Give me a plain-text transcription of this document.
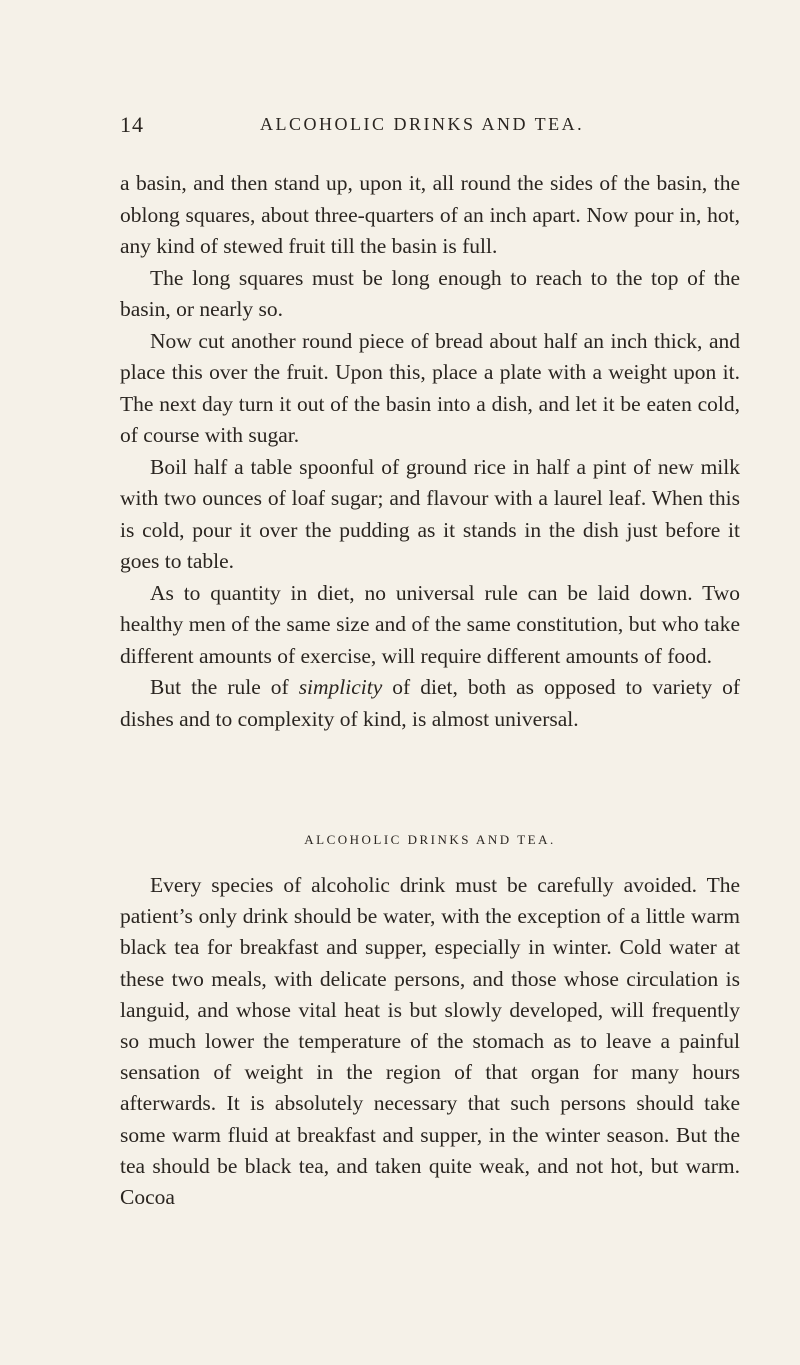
14	ALCOHOLIC DRINKS AND TEA.

a basin, and then stand up, upon it, all round the sides of the basin, the oblong squares, about three-quarters of an inch apart. Now pour in, hot, any kind of stewed fruit till the basin is full.

The long squares must be long enough to reach to the top of the basin, or nearly so.

Now cut another round piece of bread about half an inch thick, and place this over the fruit. Upon this, place a plate with a weight upon it. The next day turn it out of the basin into a dish, and let it be eaten cold, of course with sugar.

Boil half a table spoonful of ground rice in half a pint of new milk with two ounces of loaf sugar; and flavour with a laurel leaf. When this is cold, pour it over the pudding as it stands in the dish just before it goes to table.

As to quantity in diet, no universal rule can be laid down. Two healthy men of the same size and of the same constitution, but who take different amounts of exercise, will require different amounts of food.

But the rule of simplicity of diet, both as opposed to variety of dishes and to complexity of kind, is almost universal.

ALCOHOLIC DRINKS AND TEA.

Every species of alcoholic drink must be carefully avoided. The patient’s only drink should be water, with the exception of a little warm black tea for breakfast and supper, especially in winter. Cold water at these two meals, with delicate persons, and those whose circulation is languid, and whose vital heat is but slowly developed, will frequently so much lower the temperature of the stomach as to leave a painful sensation of weight in the region of that organ for many hours afterwards. It is absolutely necessary that such persons should take some warm fluid at breakfast and supper, in the winter season. But the tea should be black tea, and taken quite weak, and not hot, but warm. Cocoa
